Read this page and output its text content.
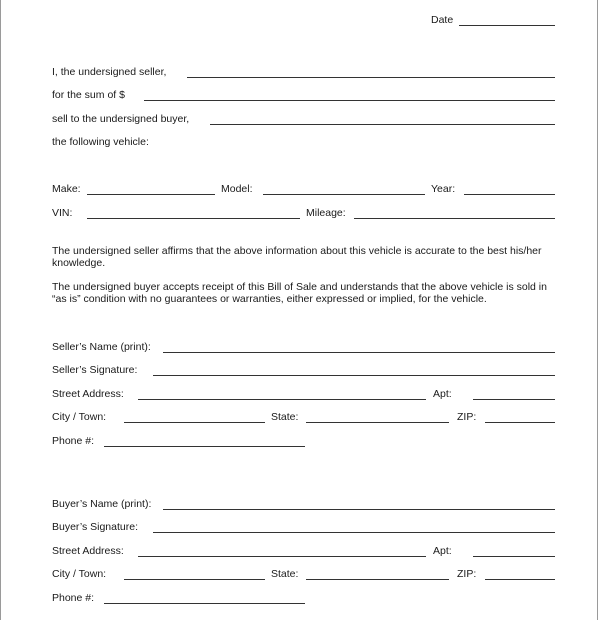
Date
I, the undersigned seller,
for the sum of $
sell to the undersigned buyer,
the following vehicle:
Make:	Model:	Year:
VIN:	Mileage:
The undersigned seller affirms that the above information about this vehicle is accurate to the best his/her knowledge.
The undersigned buyer accepts receipt of this Bill of Sale and understands that the above vehicle is sold in “as is” condition with no guarantees or warranties, either expressed or implied, for the vehicle.
Seller’s Name (print):
Seller’s Signature:
Street Address:	Apt:
City / Town:	State:	ZIP:
Phone #:
Buyer’s Name (print):
Buyer’s Signature:
Street Address:	Apt:
City / Town:	State:	ZIP:
Phone #:
